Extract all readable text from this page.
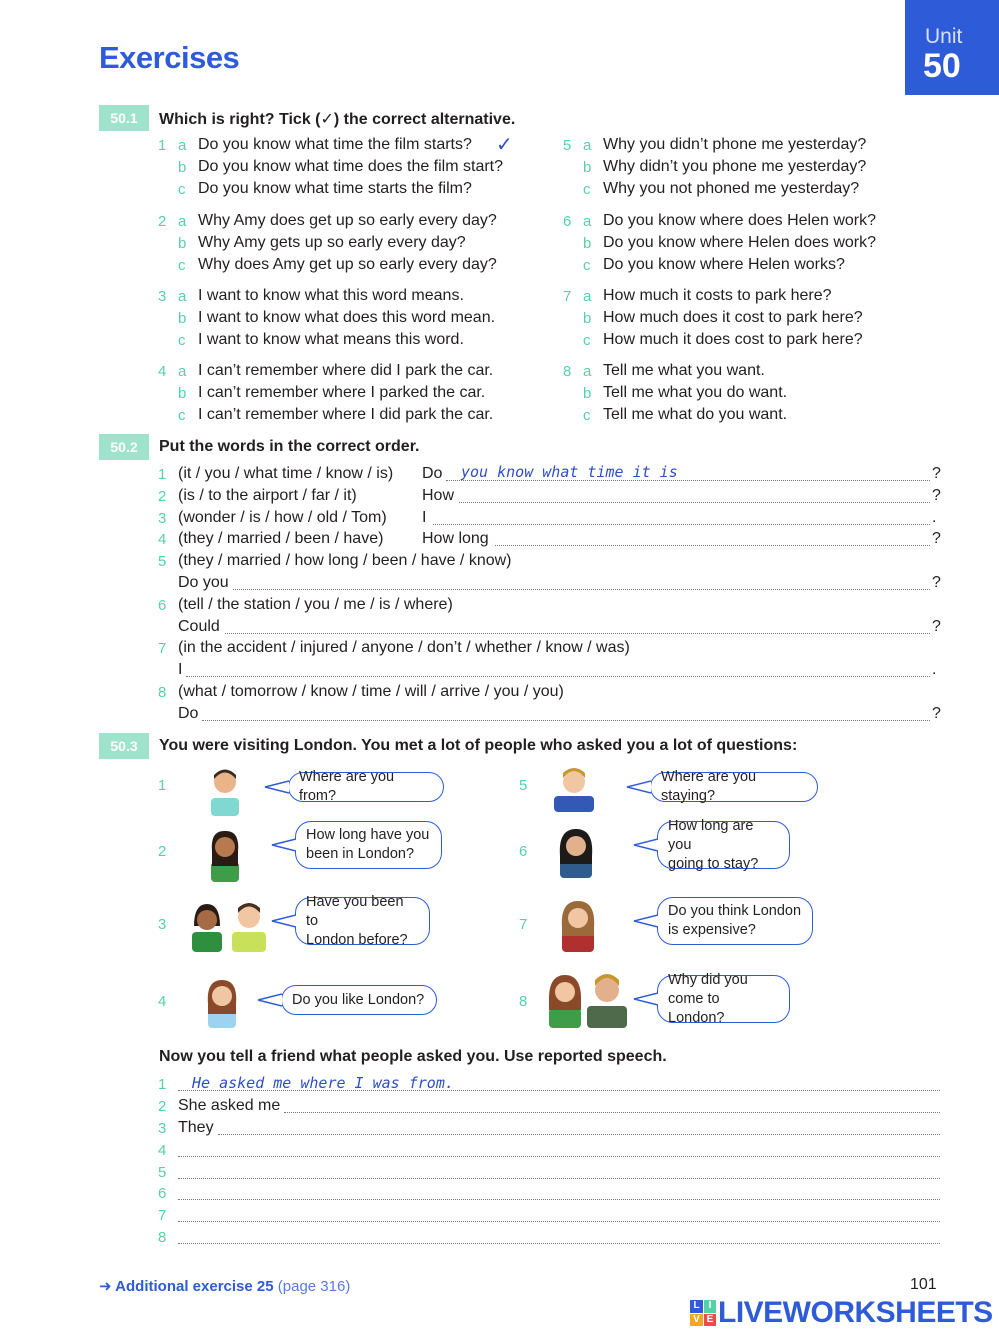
Exercises
Unit
50
50.1	Which is right? Tick (✓) the correct alternative.
1 a Do you know what time the film starts? ✓
b Do you know what time does the film start?
c Do you know what time starts the film?
2 a Why Amy does get up so early every day?
b Why Amy gets up so early every day?
c Why does Amy get up so early every day?
3 a I want to know what this word means.
b I want to know what does this word mean.
c I want to know what means this word.
4 a I can’t remember where did I park the car.
b I can’t remember where I parked the car.
c I can’t remember where I did park the car.
5 a Why you didn’t phone me yesterday?
b Why didn’t you phone me yesterday?
c Why you not phoned me yesterday?
6 a Do you know where does Helen work?
b Do you know where Helen does work?
c Do you know where Helen works?
7 a How much it costs to park here?
b How much does it cost to park here?
c How much it does cost to park here?
8 a Tell me what you want.
b Tell me what you do want.
c Tell me what do you want.
50.2	Put the words in the correct order.
1 (it / you / what time / know / is) Do you know what time it is	?
2 (is / to the airport / far / it)	How	?
3 (wonder / is / how / old / Tom) I	.
4 (they / married / been / have) How long	?
5 (they / married / how long / been / have / know)
Do you	?
6 (tell / the station / you / me / is / where)
Could	?
7 (in the accident / injured / anyone / don’t / whether / know / was)
I	.
8 (what / tomorrow / know / time / will / arrive / you / you)
Do	?
50.3	You were visiting London. You met a lot of people who asked you a lot of questions:
1	Where are you from?
2
How long have you
been in London?
3
Have you been to
London before?
4	Do you like London?
5	Where are you staying?
6
How long are you
going to stay?
7
Do you think London
is expensive?
8
Why did you
come to London?
Now you tell a friend what people asked you. Use reported speech.
1 He asked me where I was from.
2 She asked me
3 They
4
5
6
7
8
➜ Additional exercise 25 (page 316)	101
L I
V E LIVEWORKSHEETS
